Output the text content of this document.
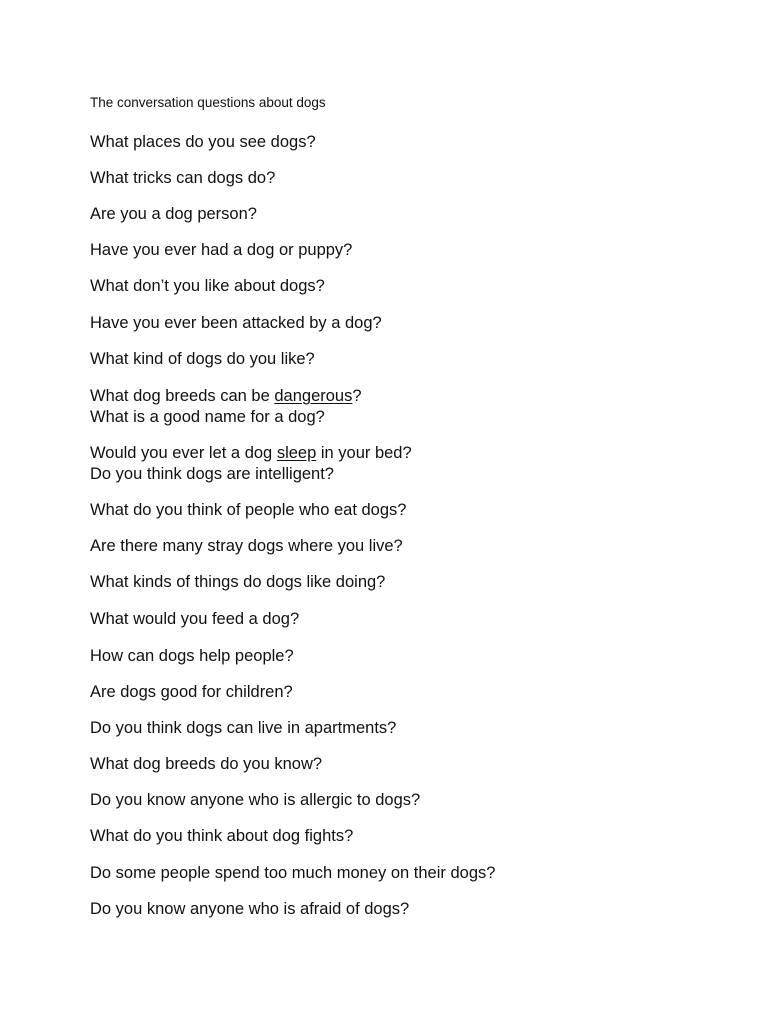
The conversation questions about dogs
What places do you see dogs?
What tricks can dogs do?
Are you a dog person?
Have you ever had a dog or puppy?
What don’t you like about dogs?
Have you ever been attacked by a dog?
What kind of dogs do you like?
What dog breeds can be dangerous?
What is a good name for a dog?
Would you ever let a dog sleep in your bed?
Do you think dogs are intelligent?
What do you think of people who eat dogs?
Are there many stray dogs where you live?
What kinds of things do dogs like doing?
What would you feed a dog?
How can dogs help people?
Are dogs good for children?
Do you think dogs can live in apartments?
What dog breeds do you know?
Do you know anyone who is allergic to dogs?
What do you think about dog fights?
Do some people spend too much money on their dogs?
Do you know anyone who is afraid of dogs?
